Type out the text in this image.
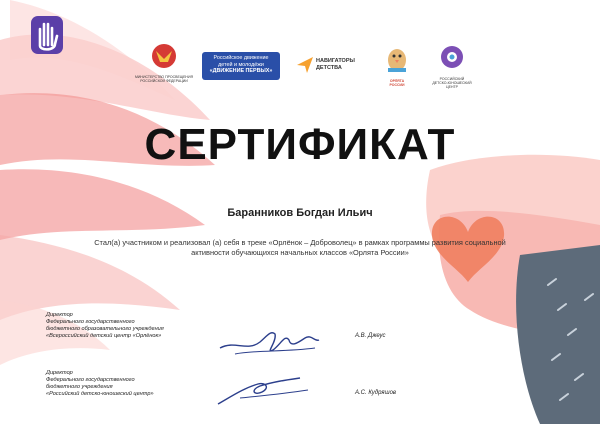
МИНИСТЕРСТВО ПРОСВЕЩЕНИЯ РОССИЙСКОЙ ФЕДЕРАЦИИ
Российское движение
детей и молодёжи
«ДВИЖЕНИЕ ПЕРВЫХ»
НАВИГАТОРЫ
ДЕТСТВА
ОРЛЯТА РОССИИ
РОССИЙСКИЙ ДЕТСКО-ЮНОШЕСКИЙ ЦЕНТР
СЕРТИФИКАТ
Баранников Богдан Ильич
Стал(а) участником и реализовал (а) себя в треке «Орлёнок – Доброволец» в рамках программы развития социальной активности обучающихся начальных классов «Орлята России»
Директор
Федерального государственного
бюджетного образовательного учреждения
«Всероссийский детский центр «Орлёнок»	А.В. Джеус
Директор
Федерального государственного
бюджетного учреждения
«Российский детско-юношеский центр»	А.С. Кудряшов
